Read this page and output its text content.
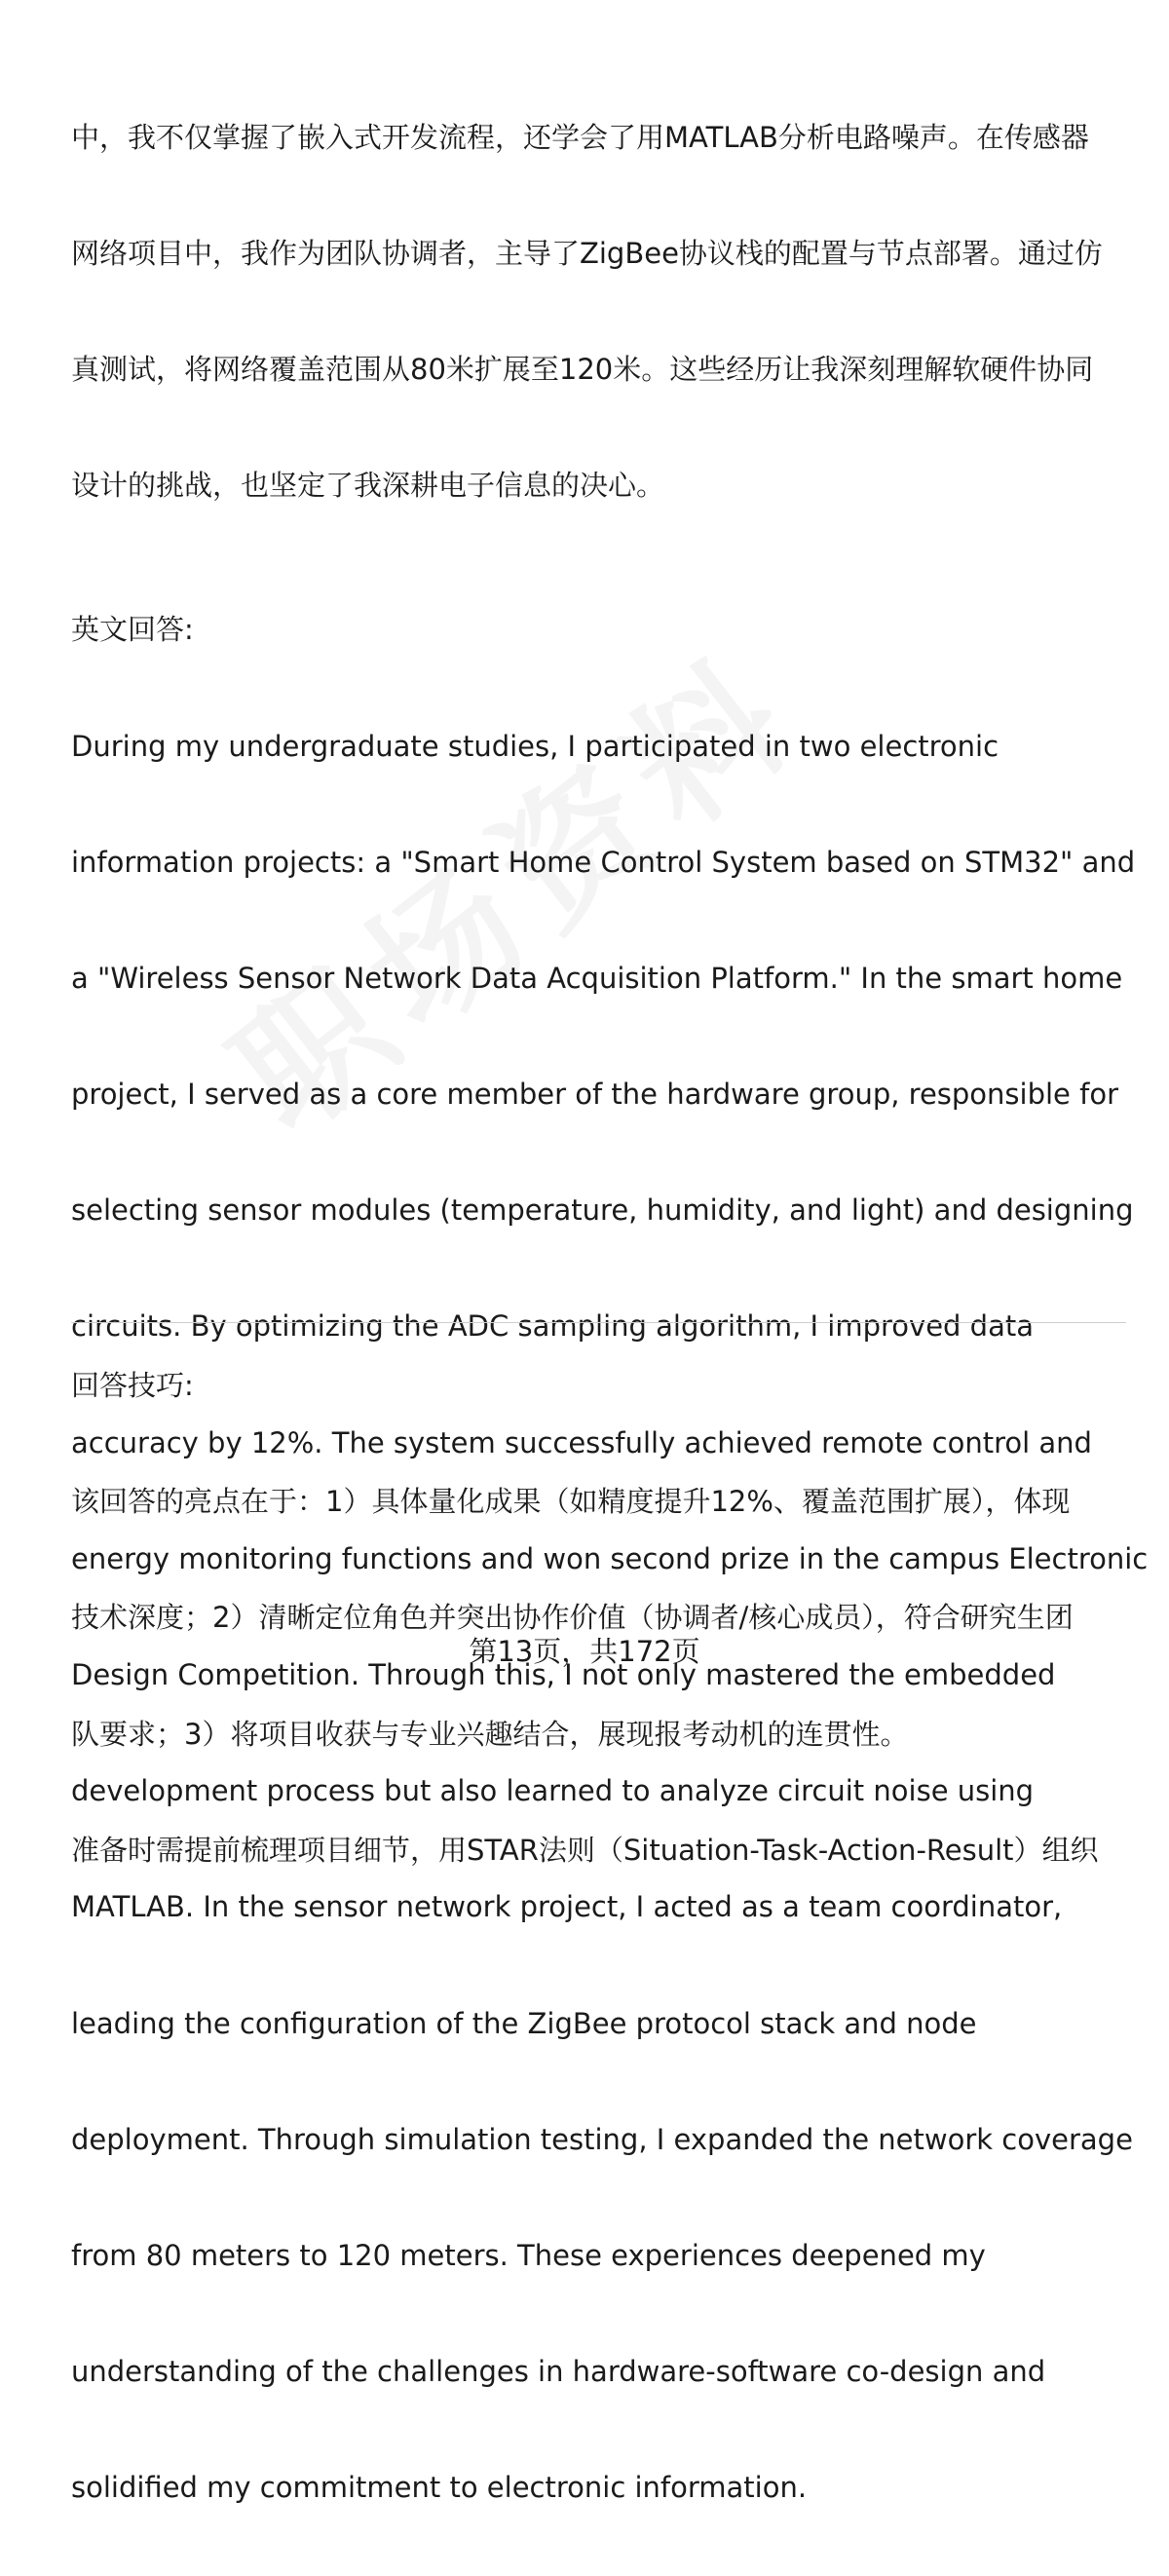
中，我不仅掌握了嵌入式开发流程，还学会了用MATLAB分析电路噪声。在传感器

网络项目中，我作为团队协调者，主导了ZigBee协议栈的配置与节点部署。通过仿

真测试，将网络覆盖范围从80米扩展至120米。这些经历让我深刻理解软硬件协同

设计的挑战，也坚定了我深耕电子信息的决心。

英文回答:

During my undergraduate studies, I participated in two electronic

information projects: a "Smart Home Control System based on STM32" and

a "Wireless Sensor Network Data Acquisition Platform." In the smart home

project, I served as a core member of the hardware group, responsible for

selecting sensor modules (temperature, humidity, and light) and designing

circuits. By optimizing the ADC sampling algorithm, I improved data

accuracy by 12%. The system successfully achieved remote control and

energy monitoring functions and won second prize in the campus Electronic

Design Competition. Through this, I not only mastered the embedded

development process but also learned to analyze circuit noise using

MATLAB. In the sensor network project, I acted as a team coordinator,

leading the configuration of the ZigBee protocol stack and node

deployment. Through simulation testing, I expanded the network coverage

from 80 meters to 120 meters. These experiences deepened my

understanding of the challenges in hardware-software co-design and

solidified my commitment to electronic information.

回答技巧:

该回答的亮点在于：1）具体量化成果（如精度提升12%、覆盖范围扩展），体现

技术深度；2）清晰定位角色并突出协作价值（协调者/核心成员），符合研究生团

队要求；3）将项目收获与专业兴趣结合，展现报考动机的连贯性。

准备时需提前梳理项目细节，用STAR法则（Situation-Task-Action-Result）组织

第13页，共172页
